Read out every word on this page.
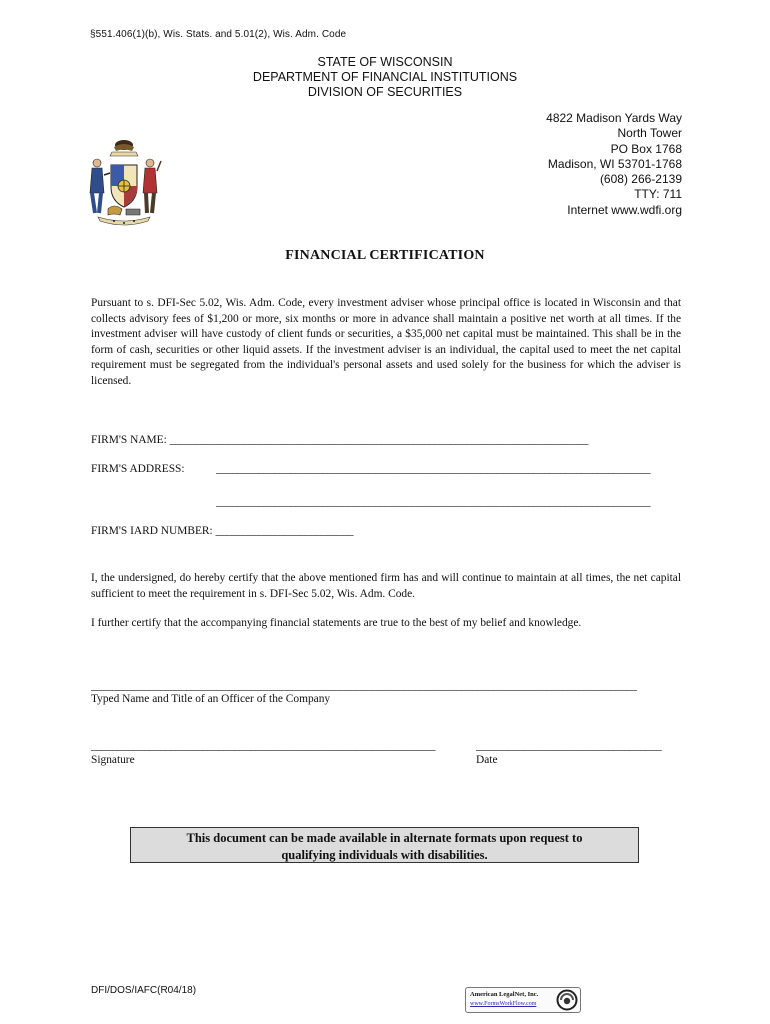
§551.406(1)(b), Wis. Stats. and 5.01(2), Wis. Adm. Code
STATE OF WISCONSIN
DEPARTMENT OF FINANCIAL INSTITUTIONS
DIVISION OF SECURITIES
4822 Madison Yards Way
North Tower
PO Box 1768
Madison, WI 53701-1768
(608) 266-2139
TTY: 711
Internet www.wdfi.org
FINANCIAL CERTIFICATION
Pursuant to s. DFI-Sec 5.02, Wis. Adm. Code, every investment adviser whose principal office is located in Wisconsin and that collects advisory fees of $1,200 or more, six months or more in advance shall maintain a positive net worth at all times. If the investment adviser will have custody of client funds or securities, a $35,000 net capital must be maintained. This shall be in the form of cash, securities or other liquid assets. If the investment adviser is an individual, the capital used to meet the net capital requirement must be segregated from the individual's personal assets and used solely for the business for which the adviser is licensed.
FIRM'S NAME: _______________________________________________________________________________
FIRM'S ADDRESS:	__________________________________________________________________________________
__________________________________________________________________________________
FIRM'S IARD NUMBER: __________________________
I, the undersigned, do hereby certify that the above mentioned firm has and will continue to maintain at all times, the net capital sufficient to meet the requirement in s. DFI-Sec 5.02, Wis. Adm. Code.
I further certify that the accompanying financial statements are true to the best of my belief and knowledge.
_______________________________________________________________________________________________________
Typed Name and Title of an Officer of the Company
_________________________________________________________________	___________________________________
Signature	Date
This document can be made available in alternate formats upon request to
qualifying individuals with disabilities.
DFI/DOS/IAFC(R04/18)	American LegalNet, Inc.
www.FormsWorkFlow.com
